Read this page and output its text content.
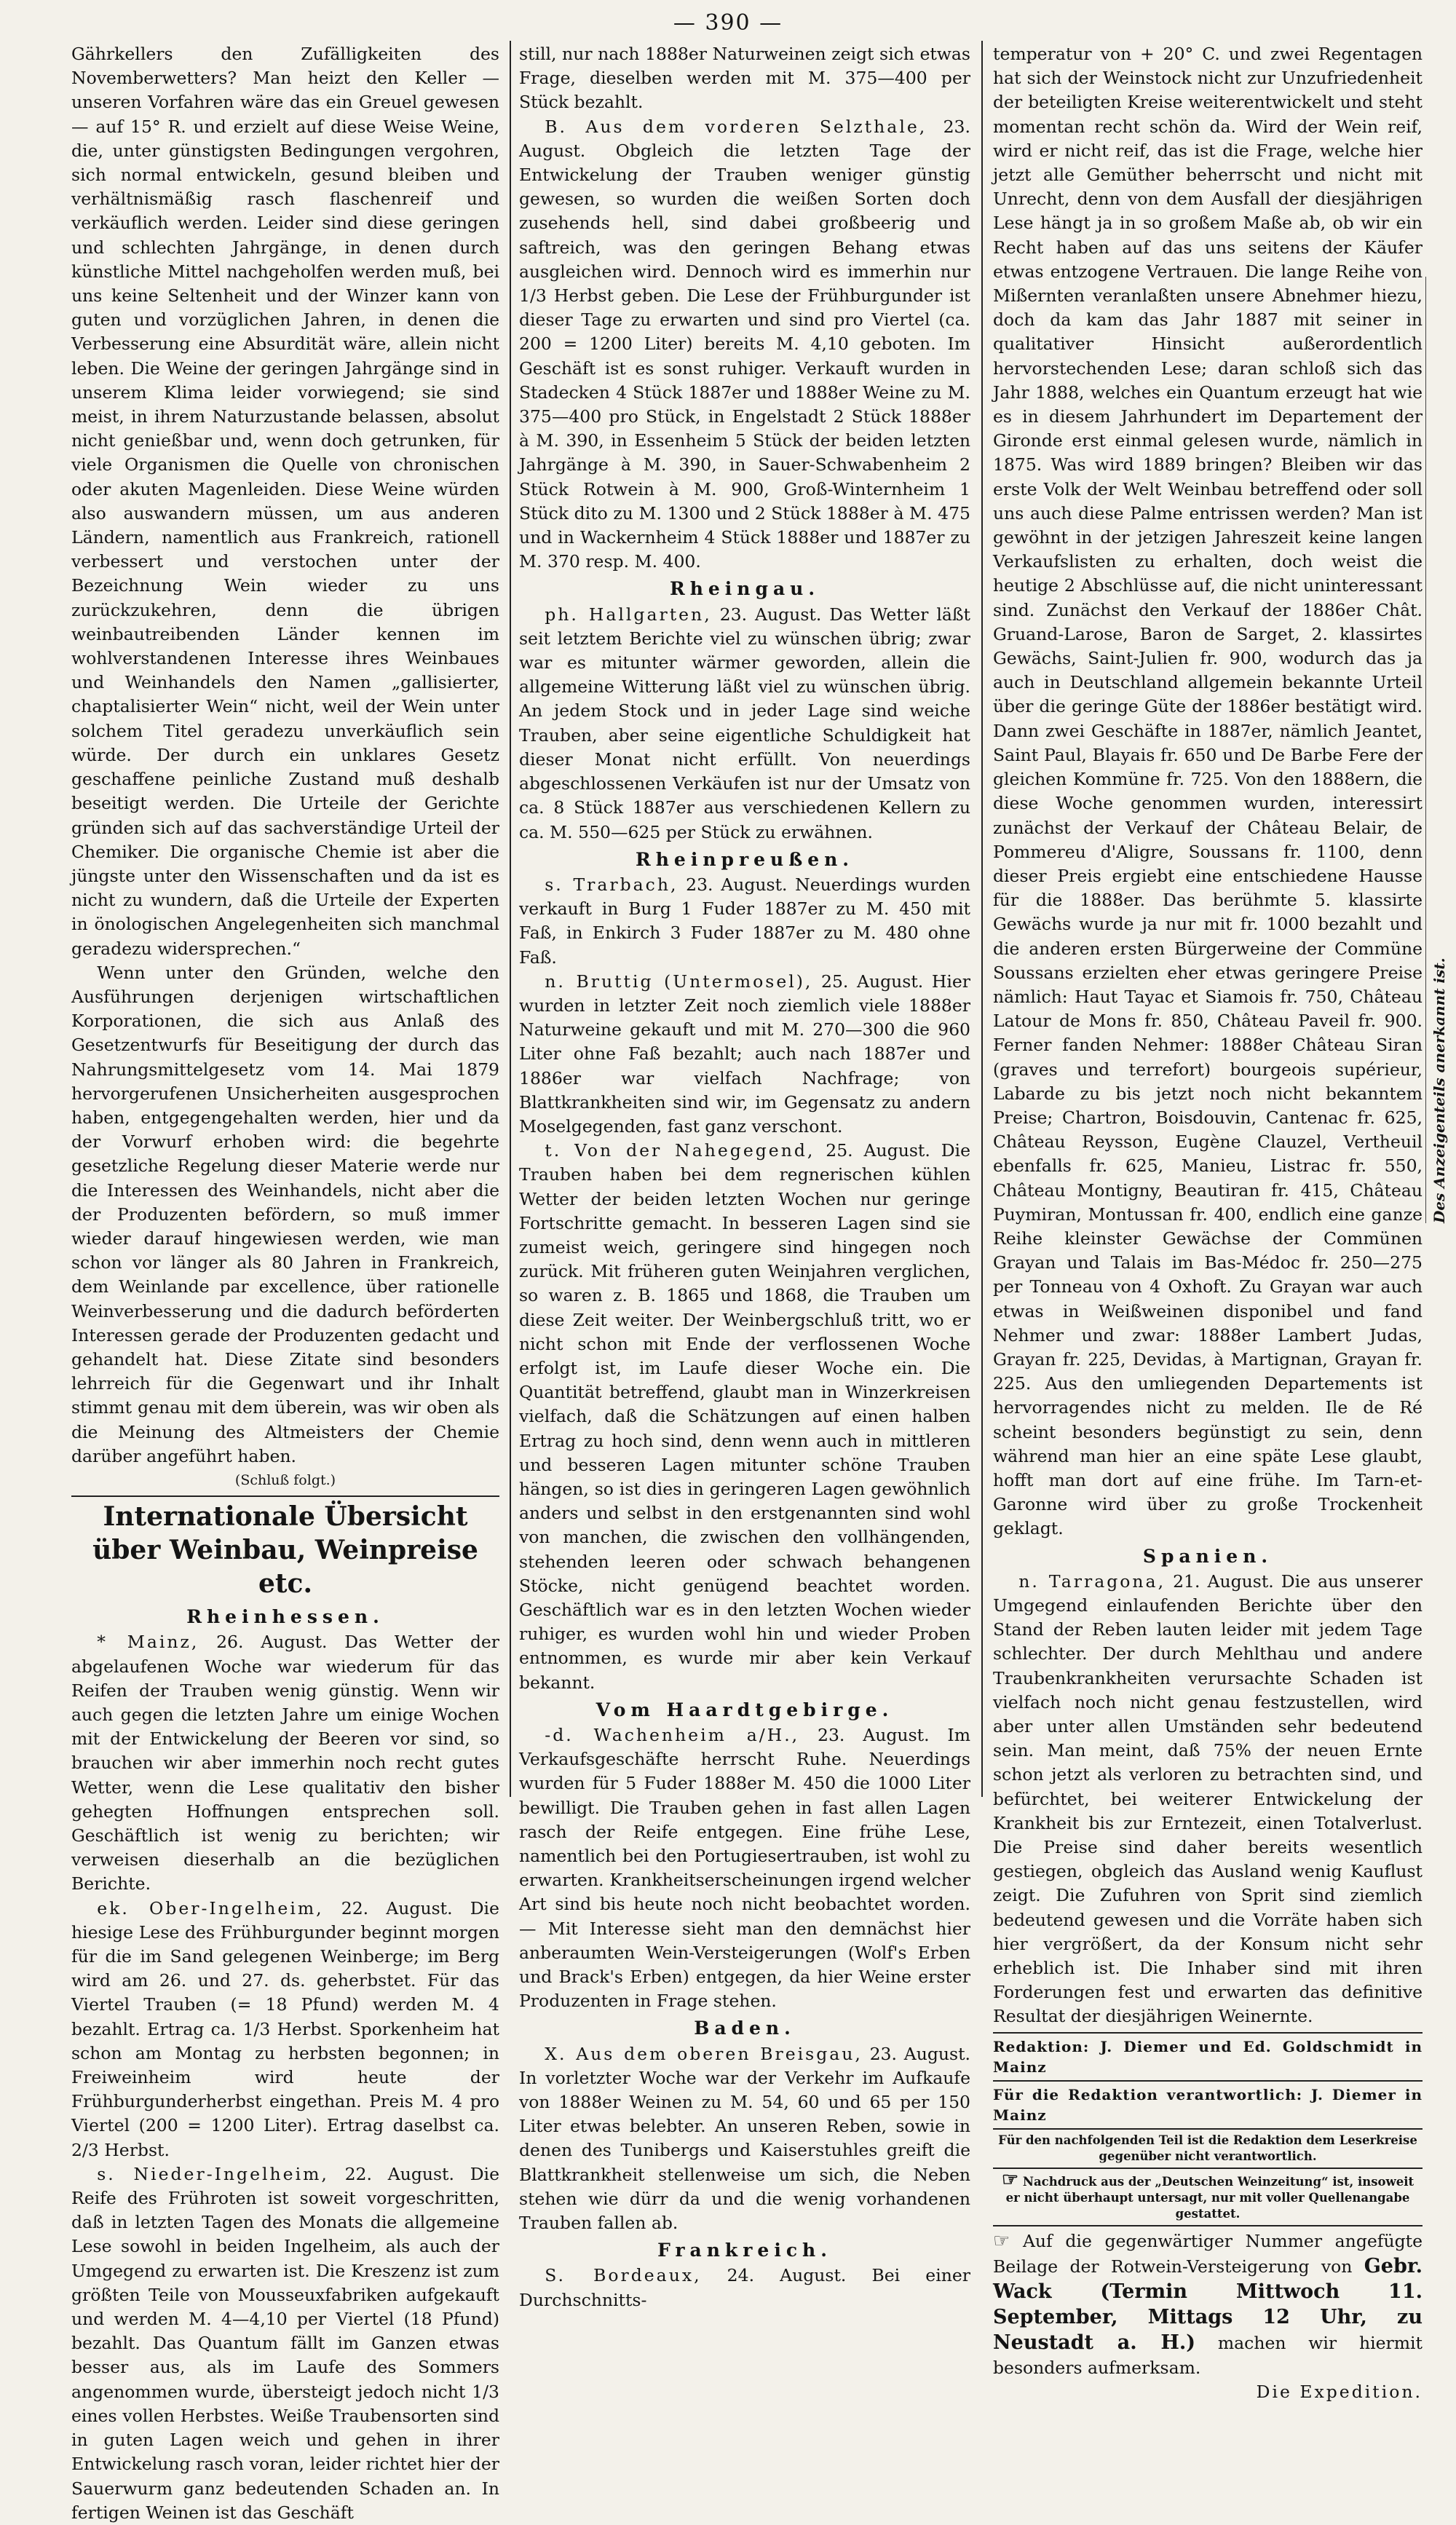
— 390 —

Gährkellers den Zufälligkeiten des Novemberwetters? Man heizt den Keller — unseren Vorfahren wäre das ein Greuel gewesen — auf 15° R. und erzielt auf diese Weise Weine, die, unter günstigsten Bedingungen vergohren, sich normal entwickeln, gesund bleiben und verhältnismäßig rasch flaschenreif und verkäuflich werden. Leider sind diese geringen und schlechten Jahrgänge, in denen durch künstliche Mittel nachgeholfen werden muß, bei uns keine Seltenheit und der Winzer kann von guten und vorzüglichen Jahren, in denen die Verbesserung eine Absurdität wäre, allein nicht leben. Die Weine der geringen Jahrgänge sind in unserem Klima leider vorwiegend; sie sind meist, in ihrem Naturzustande belassen, absolut nicht genießbar und, wenn doch getrunken, für viele Organismen die Quelle von chronischen oder akuten Magenleiden. Diese Weine würden also auswandern müssen, um aus anderen Ländern, namentlich aus Frankreich, rationell verbessert und verstochen unter der Bezeichnung Wein wieder zu uns zurückzukehren, denn die übrigen weinbautreibenden Länder kennen im wohlverstandenen Interesse ihres Weinbaues und Weinhandels den Namen „gallisierter, chaptalisierter Wein“ nicht, weil der Wein unter solchem Titel geradezu unverkäuflich sein würde. Der durch ein unklares Gesetz geschaffene peinliche Zustand muß deshalb beseitigt werden. Die Urteile der Gerichte gründen sich auf das sachverständige Urteil der Chemiker. Die organische Chemie ist aber die jüngste unter den Wissenschaften und da ist es nicht zu wundern, daß die Urteile der Experten in önologischen Angelegenheiten sich manchmal geradezu widersprechen.“

Wenn unter den Gründen, welche den Ausführungen derjenigen wirtschaftlichen Korporationen, die sich aus Anlaß des Gesetzentwurfs für Beseitigung der durch das Nahrungsmittelgesetz vom 14. Mai 1879 hervorgerufenen Unsicherheiten ausgesprochen haben, entgegengehalten werden, hier und da der Vorwurf erhoben wird: die begehrte gesetzliche Regelung dieser Materie werde nur die Interessen des Weinhandels, nicht aber die der Produzenten befördern, so muß immer wieder darauf hingewiesen werden, wie man schon vor länger als 80 Jahren in Frankreich, dem Weinlande par excellence, über rationelle Weinverbesserung und die dadurch beförderten Interessen gerade der Produzenten gedacht und gehandelt hat. Diese Zitate sind besonders lehrreich für die Gegenwart und ihr Inhalt stimmt genau mit dem überein, was wir oben als die Meinung des Altmeisters der Chemie darüber angeführt haben.

(Schluß folgt.)

Internationale Übersicht über Weinbau, Weinpreise etc.

Rheinhessen.

* Mainz, 26. August. Das Wetter der abgelaufenen Woche war wiederum für das Reifen der Trauben wenig günstig. Wenn wir auch gegen die letzten Jahre um einige Wochen mit der Entwickelung der Beeren vor sind, so brauchen wir aber immerhin noch recht gutes Wetter, wenn die Lese qualitativ den bisher gehegten Hoffnungen entsprechen soll. Geschäftlich ist wenig zu berichten; wir verweisen dieserhalb an die bezüglichen Berichte.

ek. Ober-Ingelheim, 22. August. Die hiesige Lese des Frühburgunder beginnt morgen für die im Sand gelegenen Weinberge; im Berg wird am 26. und 27. ds. geherbstet. Für das Viertel Trauben (= 18 Pfund) werden M. 4 bezahlt. Ertrag ca. 1/3 Herbst. Sporkenheim hat schon am Montag zu herbsten begonnen; in Freiweinheim wird heute der Frühburgunderherbst eingethan. Preis M. 4 pro Viertel (200 = 1200 Liter). Ertrag daselbst ca. 2/3 Herbst.

s. Nieder-Ingelheim, 22. August. Die Reife des Frühroten ist soweit vorgeschritten, daß in letzten Tagen des Monats die allgemeine Lese sowohl in beiden Ingelheim, als auch der Umgegend zu erwarten ist. Die Kreszenz ist zum größten Teile von Mousseuxfabriken aufgekauft und werden M. 4—4,10 per Viertel (18 Pfund) bezahlt. Das Quantum fällt im Ganzen etwas besser aus, als im Laufe des Sommers angenommen wurde, übersteigt jedoch nicht 1/3 eines vollen Herbstes. Weiße Traubensorten sind in guten Lagen weich und gehen in ihrer Entwickelung rasch voran, leider richtet hier der Sauerwurm ganz bedeutenden Schaden an. In fertigen Weinen ist das Geschäft

still, nur nach 1888er Naturweinen zeigt sich etwas Frage, dieselben werden mit M. 375—400 per Stück bezahlt.

B. Aus dem vorderen Selzthale, 23. August. Obgleich die letzten Tage der Entwickelung der Trauben weniger günstig gewesen, so wurden die weißen Sorten doch zusehends hell, sind dabei großbeerig und saftreich, was den geringen Behang etwas ausgleichen wird. Dennoch wird es immerhin nur 1/3 Herbst geben. Die Lese der Frühburgunder ist dieser Tage zu erwarten und sind pro Viertel (ca. 200 = 1200 Liter) bereits M. 4,10 geboten. Im Geschäft ist es sonst ruhiger. Verkauft wurden in Stadecken 4 Stück 1887er und 1888er Weine zu M. 375—400 pro Stück, in Engelstadt 2 Stück 1888er à M. 390, in Essenheim 5 Stück der beiden letzten Jahrgänge à M. 390, in Sauer-Schwabenheim 2 Stück Rotwein à M. 900, Groß-Winternheim 1 Stück dito zu M. 1300 und 2 Stück 1888er à M. 475 und in Wackernheim 4 Stück 1888er und 1887er zu M. 370 resp. M. 400.

Rheingau.

ph. Hallgarten, 23. August. Das Wetter läßt seit letztem Berichte viel zu wünschen übrig; zwar war es mitunter wärmer geworden, allein die allgemeine Witterung läßt viel zu wünschen übrig. An jedem Stock und in jeder Lage sind weiche Trauben, aber seine eigentliche Schuldigkeit hat dieser Monat nicht erfüllt. Von neuerdings abgeschlossenen Verkäufen ist nur der Umsatz von ca. 8 Stück 1887er aus verschiedenen Kellern zu ca. M. 550—625 per Stück zu erwähnen.

Rheinpreußen.

s. Trarbach, 23. August. Neuerdings wurden verkauft in Burg 1 Fuder 1887er zu M. 450 mit Faß, in Enkirch 3 Fuder 1887er zu M. 480 ohne Faß.

n. Bruttig (Untermosel), 25. August. Hier wurden in letzter Zeit noch ziemlich viele 1888er Naturweine gekauft und mit M. 270—300 die 960 Liter ohne Faß bezahlt; auch nach 1887er und 1886er war vielfach Nachfrage; von Blattkrankheiten sind wir, im Gegensatz zu andern Moselgegenden, fast ganz verschont.

t. Von der Nahegegend, 25. August. Die Trauben haben bei dem regnerischen kühlen Wetter der beiden letzten Wochen nur geringe Fortschritte gemacht. In besseren Lagen sind sie zumeist weich, geringere sind hingegen noch zurück. Mit früheren guten Weinjahren verglichen, so waren z. B. 1865 und 1868, die Trauben um diese Zeit weiter. Der Weinbergschluß tritt, wo er nicht schon mit Ende der verflossenen Woche erfolgt ist, im Laufe dieser Woche ein. Die Quantität betreffend, glaubt man in Winzerkreisen vielfach, daß die Schätzungen auf einen halben Ertrag zu hoch sind, denn wenn auch in mittleren und besseren Lagen mitunter schöne Trauben hängen, so ist dies in geringeren Lagen gewöhnlich anders und selbst in den erstgenannten sind wohl von manchen, die zwischen den vollhängenden, stehenden leeren oder schwach behangenen Stöcke, nicht genügend beachtet worden. Geschäftlich war es in den letzten Wochen wieder ruhiger, es wurden wohl hin und wieder Proben entnommen, es wurde mir aber kein Verkauf bekannt.

Vom Haardtgebirge.

-d. Wachenheim a/H., 23. August. Im Verkaufsgeschäfte herrscht Ruhe. Neuerdings wurden für 5 Fuder 1888er M. 450 die 1000 Liter bewilligt. Die Trauben gehen in fast allen Lagen rasch der Reife entgegen. Eine frühe Lese, namentlich bei den Portugiesertrauben, ist wohl zu erwarten. Krankheitserscheinungen irgend welcher Art sind bis heute noch nicht beobachtet worden. — Mit Interesse sieht man den demnächst hier anberaumten Wein-Versteigerungen (Wolf's Erben und Brack's Erben) entgegen, da hier Weine erster Produzenten in Frage stehen.

Baden.

X. Aus dem oberen Breisgau, 23. August. In vorletzter Woche war der Verkehr im Aufkaufe von 1888er Weinen zu M. 54, 60 und 65 per 150 Liter etwas belebter. An unseren Reben, sowie in denen des Tunibergs und Kaiserstuhles greift die Blattkrankheit stellenweise um sich, die Neben stehen wie dürr da und die wenig vorhandenen Trauben fallen ab.

Frankreich.

S. Bordeaux, 24. August. Bei einer Durchschnitts-

temperatur von + 20° C. und zwei Regentagen hat sich der Weinstock nicht zur Unzufriedenheit der beteiligten Kreise weiterentwickelt und steht momentan recht schön da. Wird der Wein reif, wird er nicht reif, das ist die Frage, welche hier jetzt alle Gemüther beherrscht und nicht mit Unrecht, denn von dem Ausfall der diesjährigen Lese hängt ja in so großem Maße ab, ob wir ein Recht haben auf das uns seitens der Käufer etwas entzogene Vertrauen. Die lange Reihe von Mißernten veranlaßten unsere Abnehmer hiezu, doch da kam das Jahr 1887 mit seiner in qualitativer Hinsicht außerordentlich hervorstechenden Lese; daran schloß sich das Jahr 1888, welches ein Quantum erzeugt hat wie es in diesem Jahrhundert im Departement der Gironde erst einmal gelesen wurde, nämlich in 1875. Was wird 1889 bringen? Bleiben wir das erste Volk der Welt Weinbau betreffend oder soll uns auch diese Palme entrissen werden? Man ist gewöhnt in der jetzigen Jahreszeit keine langen Verkaufslisten zu erhalten, doch weist die heutige 2 Abschlüsse auf, die nicht uninteressant sind. Zunächst den Verkauf der 1886er Chât. Gruand-Larose, Baron de Sarget, 2. klassirtes Gewächs, Saint-Julien fr. 900, wodurch das ja auch in Deutschland allgemein bekannte Urteil über die geringe Güte der 1886er bestätigt wird. Dann zwei Geschäfte in 1887er, nämlich Jeantet, Saint Paul, Blayais fr. 650 und De Barbe Fere der gleichen Kommüne fr. 725. Von den 1888ern, die diese Woche genommen wurden, interessirt zunächst der Verkauf der Château Belair, de Pommereu d'Aligre, Soussans fr. 1100, denn dieser Preis ergiebt eine entschiedene Hausse für die 1888er. Das berühmte 5. klassirte Gewächs wurde ja nur mit fr. 1000 bezahlt und die anderen ersten Bürgerweine der Commüne Soussans erzielten eher etwas geringere Preise nämlich: Haut Tayac et Siamois fr. 750, Château Latour de Mons fr. 850, Château Paveil fr. 900. Ferner fanden Nehmer: 1888er Château Siran (graves und terrefort) bourgeois supérieur, Labarde zu bis jetzt noch nicht bekanntem Preise; Chartron, Boisdouvin, Cantenac fr. 625, Château Reysson, Eugène Clauzel, Vertheuil ebenfalls fr. 625, Manieu, Listrac fr. 550, Château Montigny, Beautiran fr. 415, Château Puymiran, Montussan fr. 400, endlich eine ganze Reihe kleinster Gewächse der Commünen Grayan und Talais im Bas-Médoc fr. 250—275 per Tonneau von 4 Oxhoft. Zu Grayan war auch etwas in Weißweinen disponibel und fand Nehmer und zwar: 1888er Lambert Judas, Grayan fr. 225, Devidas, à Martignan, Grayan fr. 225. Aus den umliegenden Departements ist hervorragendes nicht zu melden. Ile de Ré scheint besonders begünstigt zu sein, denn während man hier an eine späte Lese glaubt, hofft man dort auf eine frühe. Im Tarn-et-Garonne wird über zu große Trockenheit geklagt.

Spanien.

n. Tarragona, 21. August. Die aus unserer Umgegend einlaufenden Berichte über den Stand der Reben lauten leider mit jedem Tage schlechter. Der durch Mehlthau und andere Traubenkrankheiten verursachte Schaden ist vielfach noch nicht genau festzustellen, wird aber unter allen Umständen sehr bedeutend sein. Man meint, daß 75% der neuen Ernte schon jetzt als verloren zu betrachten sind, und befürchtet, bei weiterer Entwickelung der Krankheit bis zur Erntezeit, einen Totalverlust. Die Preise sind daher bereits wesentlich gestiegen, obgleich das Ausland wenig Kauflust zeigt. Die Zufuhren von Sprit sind ziemlich bedeutend gewesen und die Vorräte haben sich hier vergrößert, da der Konsum nicht sehr erheblich ist. Die Inhaber sind mit ihren Forderungen fest und erwarten das definitive Resultat der diesjährigen Weinernte.

Redaktion: J. Diemer und Ed. Goldschmidt in Mainz

Für die Redaktion verantwortlich: J. Diemer in Mainz

Für den nachfolgenden Teil ist die Redaktion dem Leserkreise gegenüber nicht verantwortlich.

☞ Nachdruck aus der „Deutschen Weinzeitung“ ist, insoweit er nicht überhaupt untersagt, nur mit voller Quellenangabe gestattet.

☞ Auf die gegenwärtiger Nummer angefügte Beilage der Rotwein-Versteigerung von Gebr. Wack (Termin Mittwoch 11. September, Mittags 12 Uhr, zu Neustadt a. H.) machen wir hiermit besonders aufmerksam.

Die Expedition.

Des Anzeigenteils anerkannt ist.
